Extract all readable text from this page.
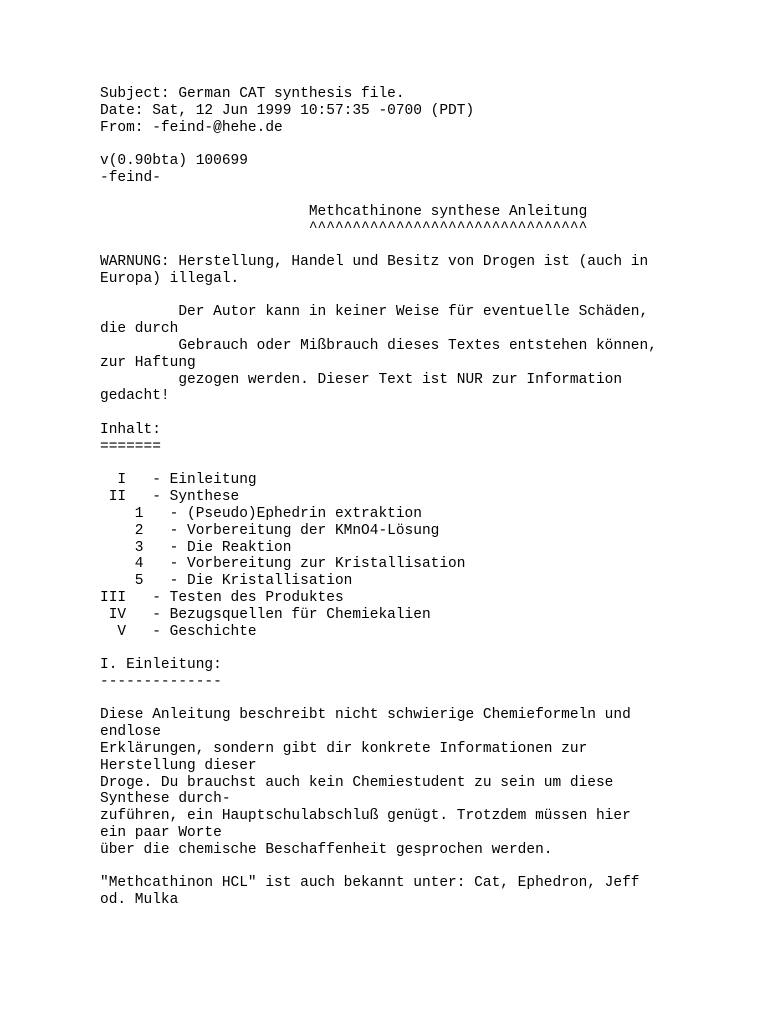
Subject: German CAT synthesis file.
Date: Sat, 12 Jun 1999 10:57:35 -0700 (PDT)
From: -feind-@hehe.de
v(0.90bta) 100699
-feind-
Methcathinone synthese Anleitung
^^^^^^^^^^^^^^^^^^^^^^^^^^^^^^^^
WARNUNG: Herstellung, Handel und Besitz von Drogen ist (auch in
Europa) illegal.
Der Autor kann in keiner Weise für eventuelle Schäden,
die durch
Gebrauch oder Mißbrauch dieses Textes entstehen können,
zur Haftung
gezogen werden. Dieser Text ist NUR zur Information
gedacht!
Inhalt:
=======
I   - Einleitung
II   - Synthese
1   - (Pseudo)Ephedrin extraktion
2   - Vorbereitung der KMnO4-Lösung
3   - Die Reaktion
4   - Vorbereitung zur Kristallisation
5   - Die Kristallisation
III   - Testen des Produktes
IV   - Bezugsquellen für Chemiekalien
V   - Geschichte
I. Einleitung:
--------------
Diese Anleitung beschreibt nicht schwierige Chemieformeln und
endlose
Erklärungen, sondern gibt dir konkrete Informationen zur
Herstellung dieser
Droge. Du brauchst auch kein Chemiestudent zu sein um diese
Synthese durch-
zuführen, ein Hauptschulabschluß genügt. Trotzdem müssen hier
ein paar Worte
über die chemische Beschaffenheit gesprochen werden.
"Methcathinon HCL" ist auch bekannt unter: Cat, Ephedron, Jeff
od. Mulka
